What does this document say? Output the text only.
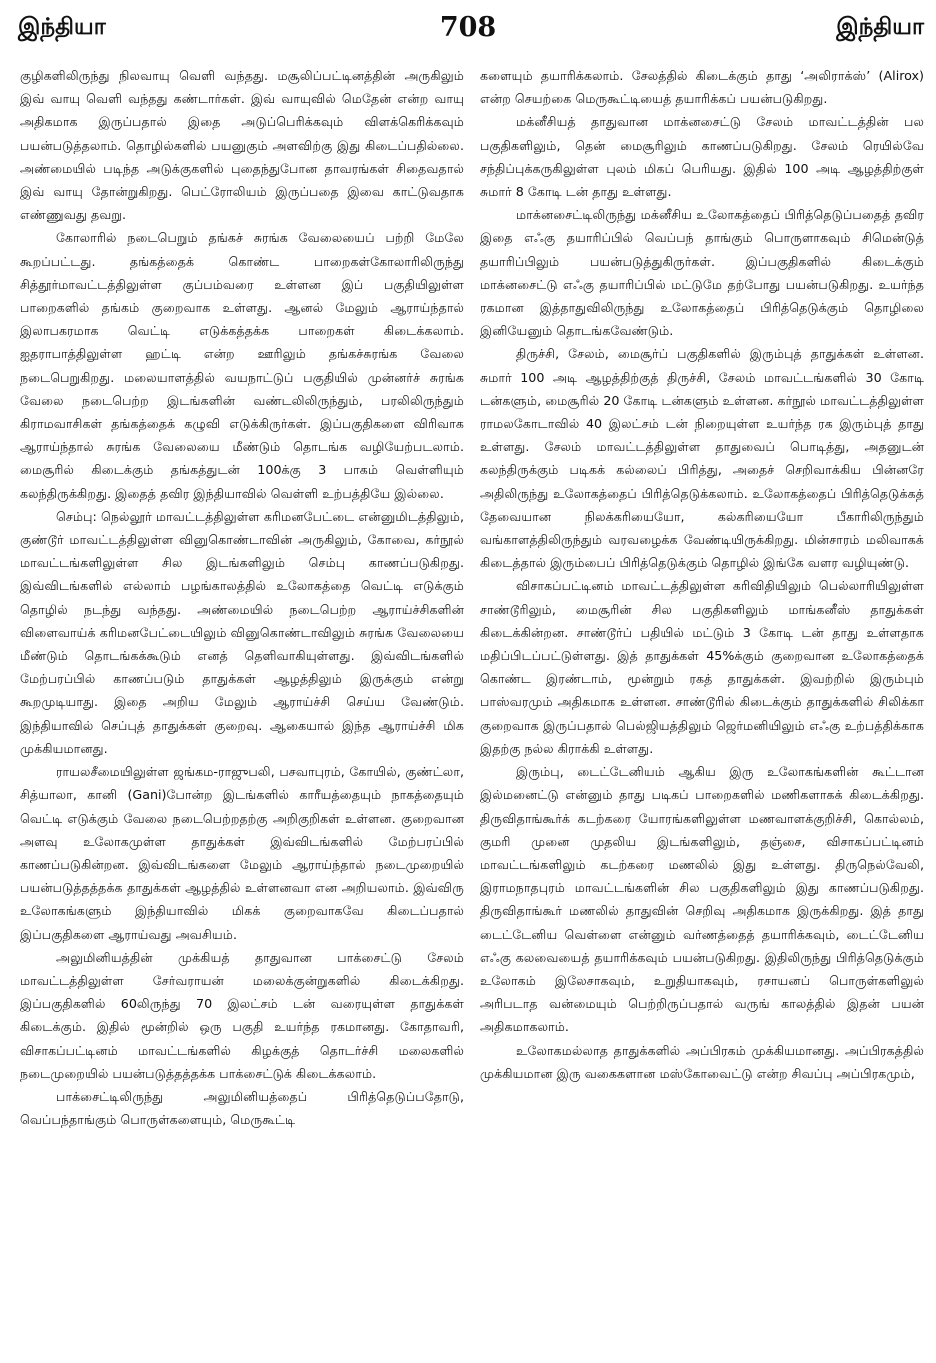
இந்தியா	708	இந்தியா

குழிகளிலிருந்து நிலவாயு வெளி வந்தது. மசூலிப்பட்டினத்தின் அருகிலும் இவ் வாயு வெளி வந்தது கண்டார்கள். இவ் வாயுவில் மெதேன் என்ற வாயு அதிகமாக இருப்பதால் இதை அடுப்பெரிக்கவும் விளக்கெரிக்கவும் பயன்படுத்தலாம். தொழில்களில் பயனுகும் அளவிற்கு இது கிடைப்பதில்லை. அண்மையில் படிந்த அடுக்குகளில் புதைந்துபோன தாவரங்கள் சிதைவதால் இவ் வாயு தோன்றுகிறது. பெட்ரோலியம் இருப்பதை இவை காட்டுவதாக எண்ணுவது தவறு.

கோலாரில் நடைபெறும் தங்கச் சுரங்க வேலையைப் பற்றி மேலே கூறப்பட்டது. தங்கத்தைக் கொண்ட பாறைகள்கோலாரிலிருந்து சித்தூர்மாவட்டத்திலுள்ள குப்பம்வரை உள்ளன இப் பகுதியிலுள்ள பாறைகளில் தங்கம் குறைவாக உள்ளது. ஆனல் மேலும் ஆராய்ந்தால் இலாபகரமாக வெட்டி எடுக்கத்தக்க பாறைகள் கிடைக்கலாம். ஐதராபாத்திலுள்ள ஹட்டி என்ற ஊரிலும் தங்கச்சுரங்க வேலை நடைபெறுகிறது. மலையாளத்தில் வயநாட்டுப் பகுதியில் முன்னர்ச் சுரங்க வேலை நடைபெற்ற இடங்களின் வண்டலிலிருந்தும், பரலிலிருந்தும் கிராமவாசிகள் தங்கத்தைக் கழுவி எடுக்கிருர்கள். இப்பகுதிகளை விரிவாக ஆராய்ந்தால் சுரங்க வேலையை மீண்டும் தொடங்க வழியேற்படலாம். மைசூரில் கிடைக்கும் தங்கத்துடன் 100க்கு 3 பாகம் வெள்ளியும் கலந்திருக்கிறது. இதைத் தவிர இந்தியாவில் வெள்ளி உற்பத்தியே இல்லை.

செம்பு: நெல்லூர் மாவட்டத்திலுள்ள கரிமனபேட்டை என்னுமிடத்திலும், குண்டூர் மாவட்டத்திலுள்ள வினுகொண்டாவின் அருகிலும், கோவை, கர்நூல் மாவட்டங்களிலுள்ள சில இடங்களிலும் செம்பு காணப்படுகிறது. இவ்விடங்களில் எல்லாம் பழங்காலத்தில் உலோகத்தை வெட்டி எடுக்கும் தொழில் நடந்து வந்தது. அண்மையில் நடைபெற்ற ஆராய்ச்சிகளின் விளைவாய்க் கரிமனபேட்டையிலும் வினுகொண்டாவிலும் சுரங்க வேலையை மீண்டும் தொடங்கக்கூடும் எனத் தெளிவாகியுள்ளது. இவ்விடங்களில் மேற்பரப்பில் காணப்படும் தாதுக்கள் ஆழத்திலும் இருக்கும் என்று கூறமுடியாது. இதை அறிய மேலும் ஆராய்ச்சி செய்ய வேண்டும். இந்தியாவில் செப்புத் தாதுக்கள் குறைவு. ஆகையால் இந்த ஆராய்ச்சி மிக முக்கியமானது.

ராயலசீமையிலுள்ள ஜங்கம-ராஜுபலி, பசவாபுரம், கோயில், குண்ட்லா, சித்யாலா, கானி (Gani)போன்ற இடங்களில் காரீயத்தையும் நாகத்தையும் வெட்டி எடுக்கும் வேலை நடைபெற்றதற்கு அறிகுறிகள் உள்ளன. குறைவான அளவு உலோகமுள்ள தாதுக்கள் இவ்விடங்களில் மேற்பரப்பில் காணப்படுகின்றன. இவ்விடங்களை மேலும் ஆராய்ந்தால் நடைமுறையில் பயன்படுத்தத்தக்க தாதுக்கள் ஆழத்தில் உள்ளனவா என அறியலாம். இவ்விரு உலோகங்களும் இந்தியாவில் மிகக் குறைவாகவே கிடைப்பதால் இப்பகுதிகளை ஆராய்வது அவசியம்.

அலுமினியத்தின் முக்கியத் தாதுவான பாக்சைட்டு சேலம் மாவட்டத்திலுள்ள சேர்வராயன் மலைக்குன்றுகளில் கிடைக்கிறது. இப்பகுதிகளில் 60லிருந்து 70 இலட்சம் டன் வரையுள்ள தாதுக்கள் கிடைக்கும். இதில் மூன்றில் ஒரு பகுதி உயர்ந்த ரகமானது. கோதாவரி, விசாகப்பட்டினம் மாவட்டங்களில் கிழக்குத் தொடர்ச்சி மலைகளில் நடைமுறையில் பயன்படுத்தத்தக்க பாக்சைட்டுக் கிடைக்கலாம்.

பாக்சைட்டிலிருந்து அலுமினியத்தைப் பிரித்தெடுப்பதோடு, வெப்பந்தாங்கும் பொருள்களையும், மெருகூட்டி

களையும் தயாரிக்கலாம். சேலத்தில் கிடைக்கும் தாது ‘அலிராக்ஸ்’ (Alirox) என்ற செயற்கை மெருகூட்டியைத் தயாரிக்கப் பயன்படுகிறது.

மக்னீசியத் தாதுவான மாக்னசைட்டு சேலம் மாவட்டத்தின் பல பகுதிகளிலும், தென் மைசூரிலும் காணப்படுகிறது. சேலம் ரெயில்வே சந்திப்புக்கருகிலுள்ள புலம் மிகப் பெரியது. இதில் 100 அடி ஆழத்திற்குள் சுமார் 8 கோடி டன் தாது உள்ளது.

மாக்னசைட்டிலிருந்து மக்னீசிய உலோகத்தைப் பிரித்தெடுப்பதைத் தவிர இதை எஃகு தயாரிப்பில் வெப்பந் தாங்கும் பொருளாகவும் சிமென்டுத் தயாரிப்பிலும் பயன்படுத்துகிருர்கள். இப்பகுதிகளில் கிடைக்கும் மாக்னசைட்டு எஃகு தயாரிப்பில் மட்டுமே தற்போது பயன்படுகிறது. உயர்ந்த ரகமான இத்தாதுவிலிருந்து உலோகத்தைப் பிரித்தெடுக்கும் தொழிலை இனியேனும் தொடங்கவேண்டும்.

திருச்சி, சேலம், மைசூர்ப் பகுதிகளில் இரும்புத் தாதுக்கள் உள்ளன. சுமார் 100 அடி ஆழத்திற்குத் திருச்சி, சேலம் மாவட்டங்களில் 30 கோடி டன்களும், மைசூரில் 20 கோடி டன்களும் உள்ளன. கர்நூல் மாவட்டத்திலுள்ள ராமலகோடாவில் 40 இலட்சம் டன் நிறையுள்ள உயர்ந்த ரக இரும்புத் தாது உள்ளது. சேலம் மாவட்டத்திலுள்ள தாதுவைப் பொடித்து, அதனுடன் கலந்திருக்கும் படிகக் கல்லைப் பிரித்து, அதைச் செறிவாக்கிய பின்னரே அதிலிருந்து உலோகத்தைப் பிரித்தெடுக்கலாம். உலோகத்தைப் பிரித்தெடுக்கத் தேவையான நிலக்கரியையோ, கல்கரியையோ பீகாரிலிருந்தும் வங்காளத்திலிருந்தும் வரவழைக்க வேண்டியிருக்கிறது. மின்சாரம் மலிவாகக் கிடைத்தால் இரும்பைப் பிரித்தெடுக்கும் தொழில் இங்கே வளர வழியுண்டு.

விசாகப்பட்டினம் மாவட்டத்திலுள்ள கரிவிதியிலும் பெல்லாரியிலுள்ள சாண்டூரிலும், மைசூரின் சில பகுதிகளிலும் மாங்கனீஸ் தாதுக்கள் கிடைக்கின்றன. சாண்டூர்ப் பதியில் மட்டும் 3 கோடி டன் தாது உள்ளதாக மதிப்பிடப்பட்டுள்ளது. இத் தாதுக்கள் 45%க்கும் குறைவான உலோகத்தைக் கொண்ட இரண்டாம், மூன்றும் ரகத் தாதுக்கள். இவற்றில் இரும்பும் பாஸ்வரமும் அதிகமாக உள்ளன. சாண்டூரில் கிடைக்கும் தாதுக்களில் சிலிக்கா குறைவாக இருப்பதால் பெல்ஜியத்திலும் ஜெர்மனியிலும் எஃகு உற்பத்திக்காக இதற்கு நல்ல கிராக்கி உள்ளது.

இரும்பு, டைட்டேனியம் ஆகிய இரு உலோகங்களின் கூட்டான இல்மனைட்டு என்னும் தாது படிகப் பாறைகளில் மணிகளாகக் கிடைக்கிறது. திருவிதாங்கூர்க் கடற்கரை யோரங்களிலுள்ள மணவாளக்குறிச்சி, கொல்லம், குமரி முனை முதலிய இடங்களிலும், தஞ்சை, விசாகப்பட்டினம் மாவட்டங்களிலும் கடற்கரை மணலில் இது உள்ளது. திருநெல்வேலி, இராமநாதபுரம் மாவட்டங்களின் சில பகுதிகளிலும் இது காணப்படுகிறது. திருவிதாங்கூர் மணலில் தாதுவின் செறிவு அதிகமாக இருக்கிறது. இத் தாது டைட்டேனிய வெள்ளை என்னும் வர்ணத்தைத் தயாரிக்கவும், டைட்டேனிய எஃகு கலவையைத் தயாரிக்கவும் பயன்படுகிறது. இதிலிருந்து பிரித்தெடுக்கும் உலோகம் இலேசாகவும், உறுதியாகவும், ரசாயனப் பொருள்களிலுல் அரிபடாத வன்மையும் பெற்றிருப்பதால் வருங் காலத்தில் இதன் பயன் அதிகமாகலாம்.

உலோகமல்லாத தாதுக்களில் அப்பிரகம் முக்கியமானது. அப்பிரகத்தில் முக்கியமான இரு வகைகளான மஸ்கோவைட்டு என்ற சிவப்பு அப்பிரகமும்,
